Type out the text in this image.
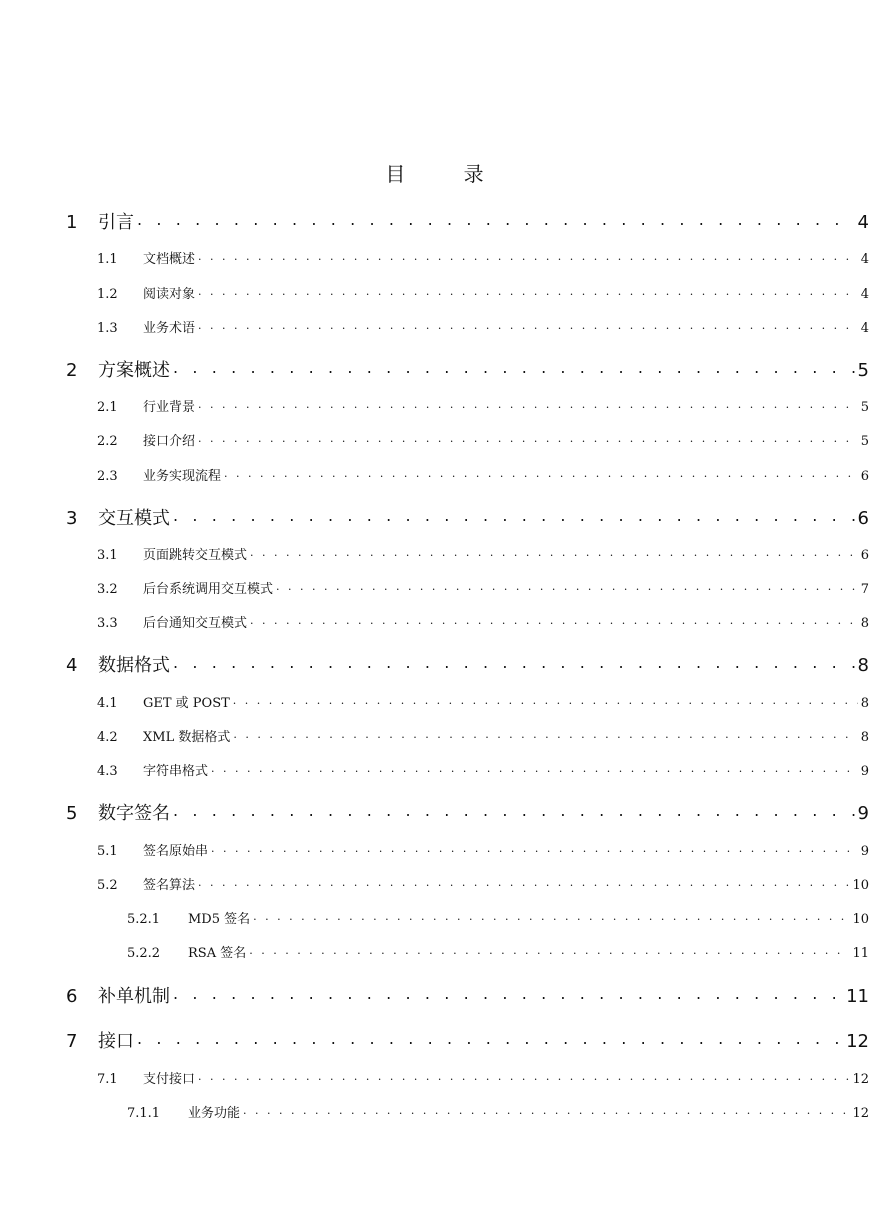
目 录
1	引言 . . .	4
1.1	文档概述 . . .	4
1.2	阅读对象 . . .	4
1.3	业务术语 . . .	4
2	方案概述 . . .	5
2.1	行业背景 . . .	5
2.2	接口介绍 . . .	5
2.3	业务实现流程 . . .	6
3	交互模式 . . .	6
3.1	页面跳转交互模式 . . .	6
3.2	后台系统调用交互模式 . . .	7
3.3	后台通知交互模式 . . .	8
4	数据格式 . . .	8
4.1	GET 或 POST . . .	8
4.2	XML 数据格式 . . .	8
4.3	字符串格式 . . .	9
5	数字签名 . . .	9
5.1	签名原始串 . . .	9
5.2	签名算法 . . .	10
5.2.1	MD5 签名 . . .	10
5.2.2	RSA 签名 . . .	11
6	补单机制 . . .	11
7	接口 . . .	12
7.1	支付接口 . . .	12
7.1.1	业务功能 . . .	12
